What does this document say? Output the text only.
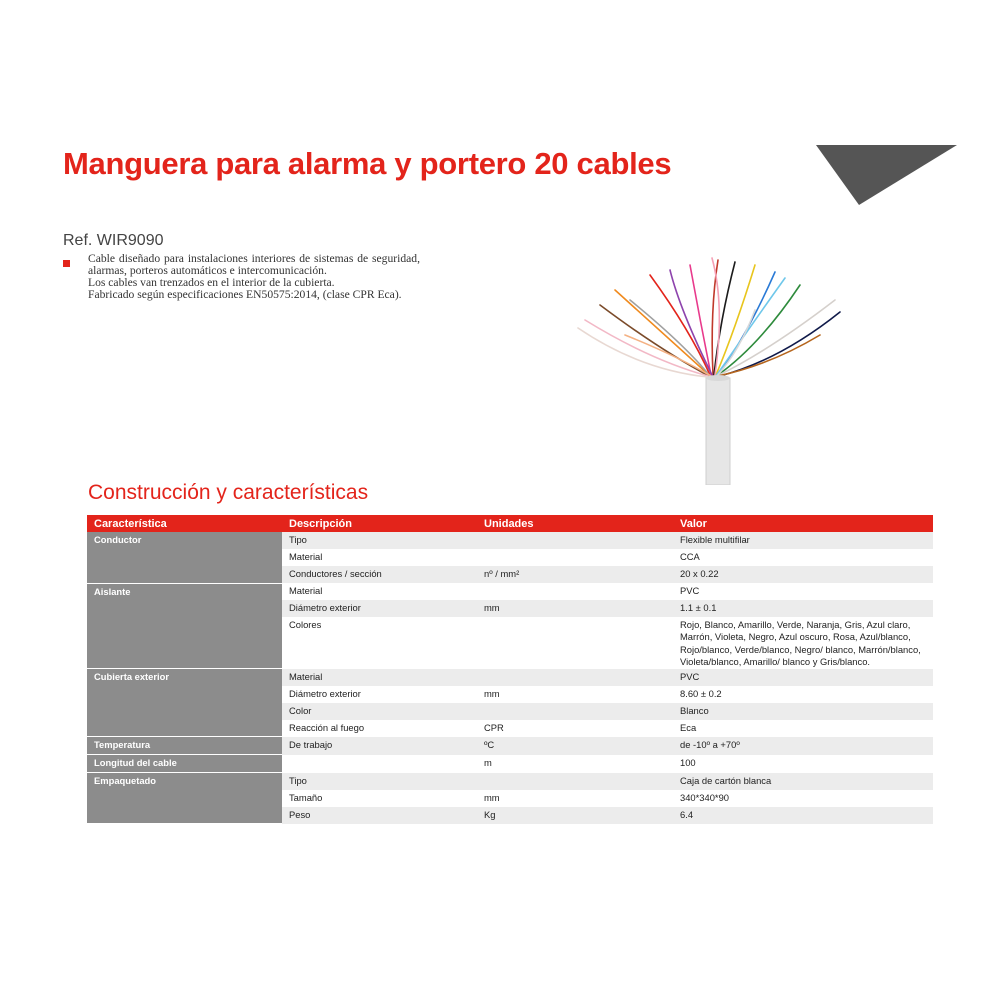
Manguera para alarma y portero 20 cables
Ref. WIR9090

Cable diseñado para instalaciones interiores de sistemas de seguridad, alarmas, porteros automáticos e intercomunicación.

Los cables van trenzados en el interior de la cubierta.

Fabricado según especificaciones EN50575:2014, (clase CPR Eca).

Construcción y características
Característica	Descripción	Unidades	Valor
Conductor	Tipo		Flexible multifilar
	Material		CCA
	Conductores / sección	nº / mm²	20 x 0.22
Aislante	Material		PVC
	Diámetro exterior	mm	1.1 ± 0.1
	Colores		Rojo, Blanco, Amarillo, Verde, Naranja, Gris, Azul claro, Marrón, Violeta, Negro, Azul oscuro, Rosa, Azul/blanco, Rojo/blanco, Verde/blanco, Negro/ blanco, Marrón/blanco, Violeta/blanco, Amarillo/ blanco y Gris/blanco.
Cubierta exterior	Material		PVC
	Diámetro exterior	mm	8.60 ± 0.2
	Color		Blanco
	Reacción al fuego	CPR	Eca
Temperatura	De trabajo	ºC	de -10º a +70º
Longitud del cable		m	100
Empaquetado	Tipo		Caja de cartón blanca
	Tamaño	mm	340*340*90
	Peso	Kg	6.4
